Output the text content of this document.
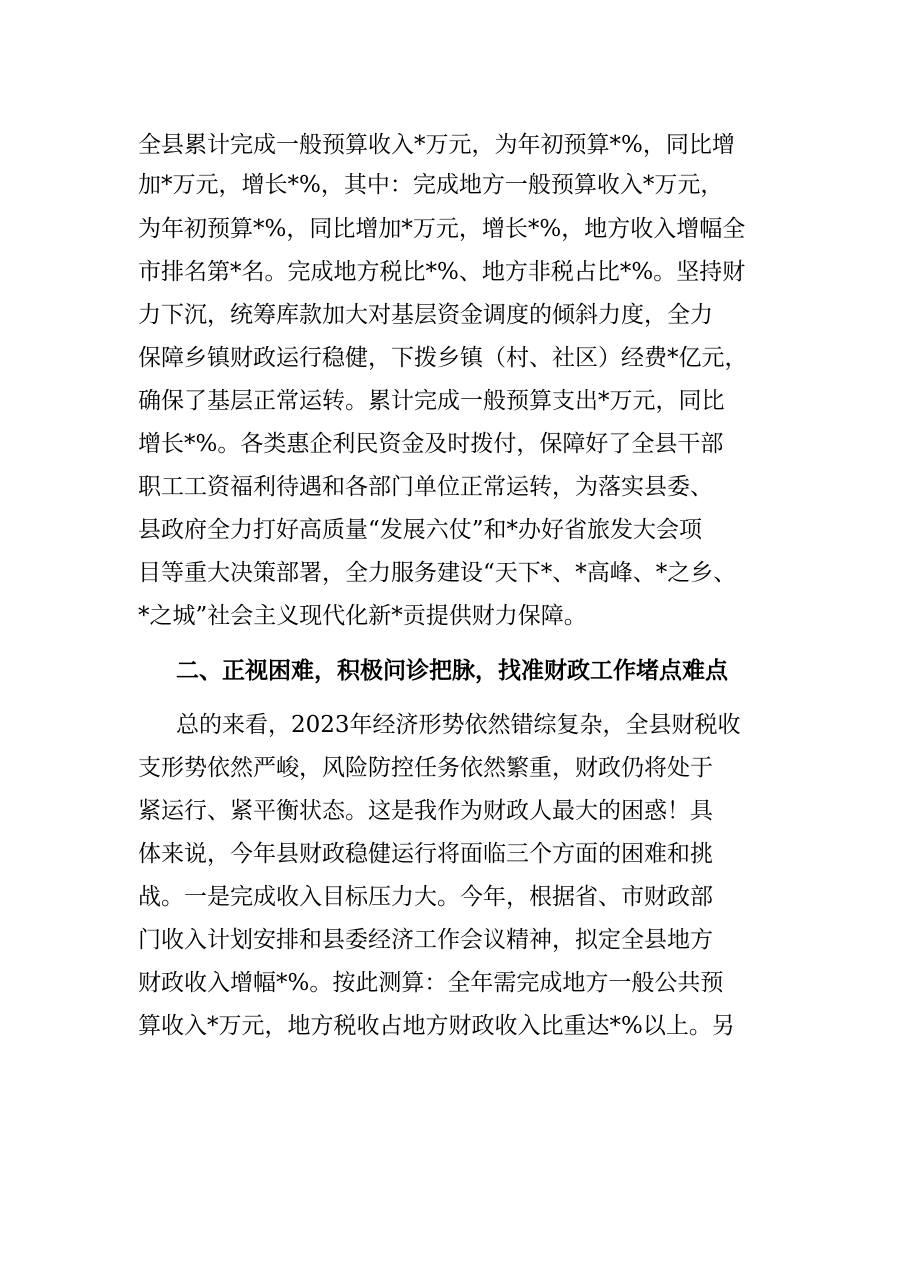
全县累计完成一般预算收入*万元，为年初预算*%，同比增
加*万元，增长*%，其中：完成地方一般预算收入*万元，
为年初预算*%，同比增加*万元，增长*%，地方收入增幅全
市排名第*名。完成地方税比*%、地方非税占比*%。坚持财
力下沉，统筹库款加大对基层资金调度的倾斜力度，全力
保障乡镇财政运行稳健，下拨乡镇（村、社区）经费*亿元，
确保了基层正常运转。累计完成一般预算支出*万元，同比
增长*%。各类惠企利民资金及时拨付，保障好了全县干部
职工工资福利待遇和各部门单位正常运转，为落实县委、
县政府全力打好高质量“发展六仗”和*办好省旅发大会项
目等重大决策部署，全力服务建设“天下*、*高峰、*之乡、
*之城”社会主义现代化新*贡提供财力保障。
二、正视困难，积极问诊把脉，找准财政工作堵点难点
总的来看，2023年经济形势依然错综复杂，全县财税收
支形势依然严峻，风险防控任务依然繁重，财政仍将处于
紧运行、紧平衡状态。这是我作为财政人最大的困惑！具
体来说，今年县财政稳健运行将面临三个方面的困难和挑
战。一是完成收入目标压力大。今年，根据省、市财政部
门收入计划安排和县委经济工作会议精神，拟定全县地方
财政收入增幅*%。按此测算：全年需完成地方一般公共预
算收入*万元，地方税收占地方财政收入比重达*%以上。另
